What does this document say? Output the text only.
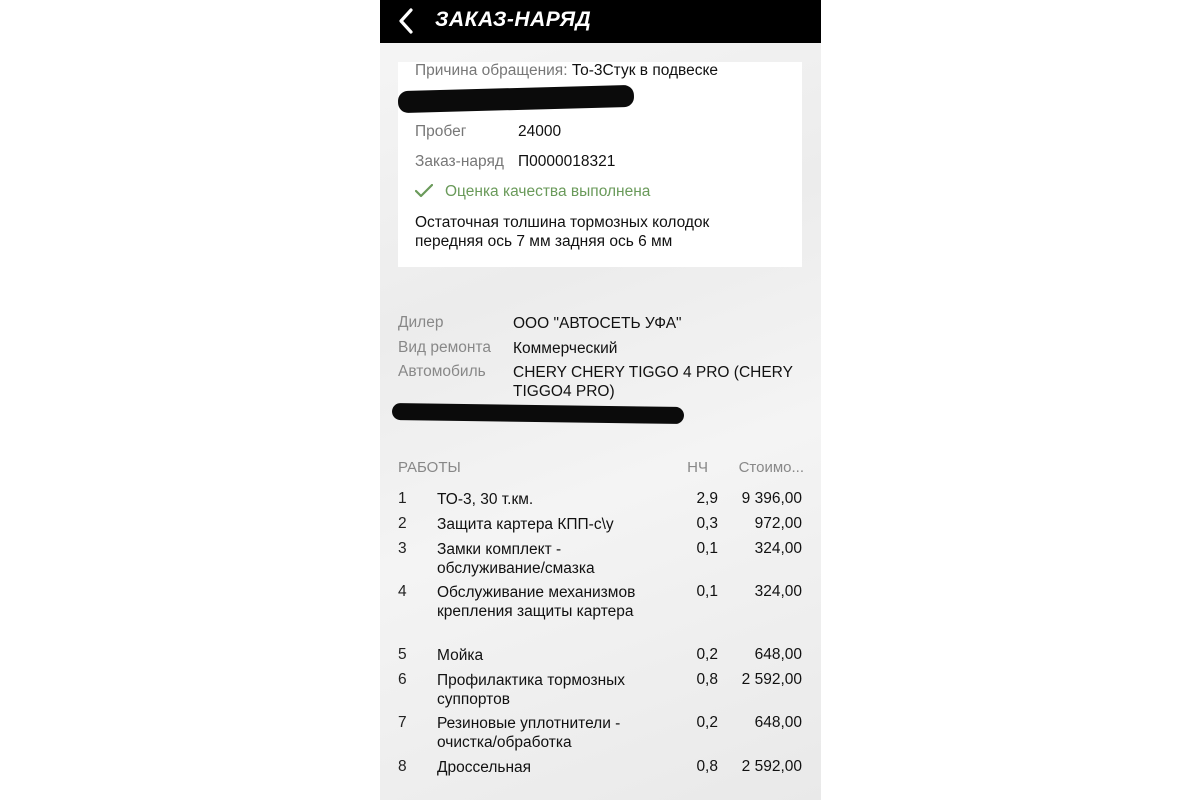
ЗАКАЗ-НАРЯД
Причина обращения: То-3Стук в подвеске
Пробег	24000
Заказ-наряд П0000018321
Оценка качества выполнена
Остаточная толшина тормозных колодок
передняя ось 7 мм задняя ось 6 мм
Дилер	ООО "АВТОСЕТЬ УФА"
Вид ремонта Коммерческий
Автомобиль CHERY CHERY TIGGO 4 PRO (CHERY
TIGGO4 PRO)
РАБОТЫ	НЧ	Стоимо...
1 ТО-3, 30 т.км.	2,9	9 396,00
2 Защита картера КПП-с\у	0,3	972,00
3 Замки комплект - обслуживание/смазка
0,1	324,00
4 Обслуживание механизмов крепления защиты картера
0,1	324,00
5 Мойка	0,2	648,00
6 Профилактика тормозных суппортов
0,8	2 592,00
7 Резиновые уплотнители - очистка/обработка
0,2	648,00
8 Дроссельная	0,8	2 592,00
